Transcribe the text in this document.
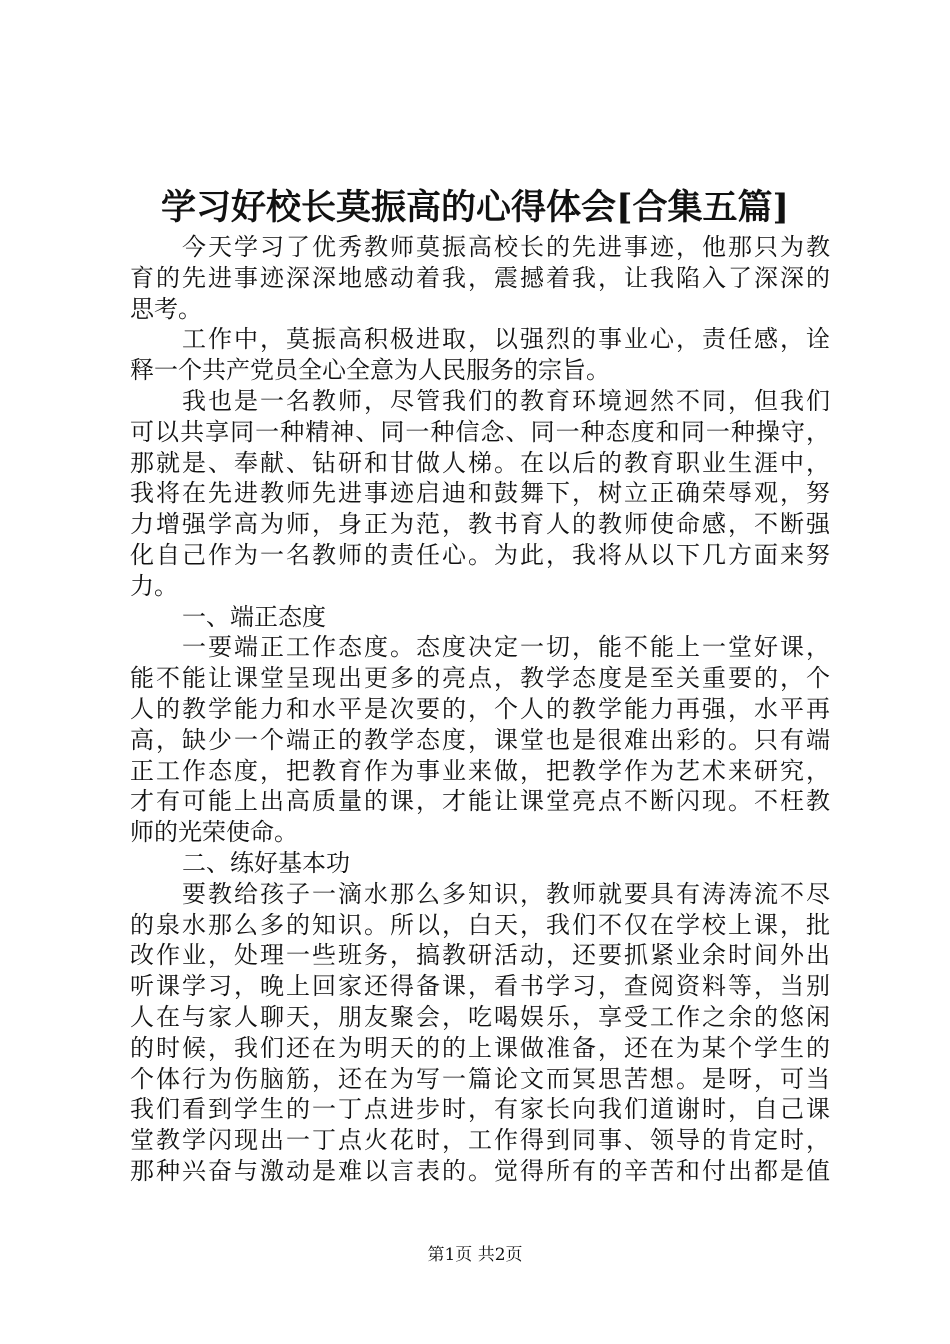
学习好校长莫振高的心得体会[合集五篇]
今天学习了优秀教师莫振高校长的先进事迹，他那只为教
育的先进事迹深深地感动着我，震撼着我，让我陷入了深深的
思考。
工作中，莫振高积极进取，以强烈的事业心，责任感，诠
释一个共产党员全心全意为人民服务的宗旨。
我也是一名教师，尽管我们的教育环境迥然不同，但我们
可以共享同一种精神、同一种信念、同一种态度和同一种操守，
那就是、奉献、钻研和甘做人梯。在以后的教育职业生涯中，
我将在先进教师先进事迹启迪和鼓舞下，树立正确荣辱观，努
力增强学高为师，身正为范，教书育人的教师使命感，不断强
化自己作为一名教师的责任心。为此，我将从以下几方面来努
力。
一、端正态度
一要端正工作态度。态度决定一切，能不能上一堂好课，
能不能让课堂呈现出更多的亮点，教学态度是至关重要的，个
人的教学能力和水平是次要的，个人的教学能力再强，水平再
高，缺少一个端正的教学态度，课堂也是很难出彩的。只有端
正工作态度，把教育作为事业来做，把教学作为艺术来研究，
才有可能上出高质量的课，才能让课堂亮点不断闪现。不枉教
师的光荣使命。
二、练好基本功
要教给孩子一滴水那么多知识，教师就要具有涛涛流不尽
的泉水那么多的知识。所以，白天，我们不仅在学校上课，批
改作业，处理一些班务，搞教研活动，还要抓紧业余时间外出
听课学习，晚上回家还得备课，看书学习，查阅资料等，当别
人在与家人聊天，朋友聚会，吃喝娱乐，享受工作之余的悠闲
的时候，我们还在为明天的的上课做准备，还在为某个学生的
个体行为伤脑筋，还在为写一篇论文而冥思苦想。是呀，可当
我们看到学生的一丁点进步时，有家长向我们道谢时，自己课
堂教学闪现出一丁点火花时，工作得到同事、领导的肯定时，
那种兴奋与激动是难以言表的。觉得所有的辛苦和付出都是值
第1页 共2页
